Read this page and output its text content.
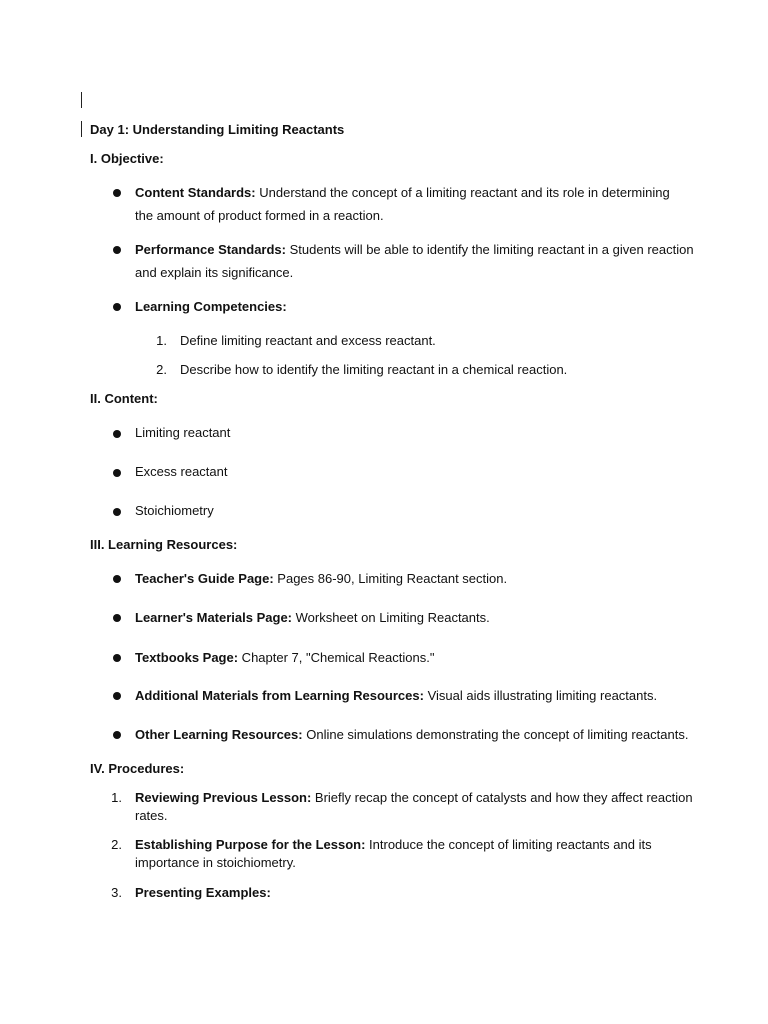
Day 1: Understanding Limiting Reactants
I. Objective:
Content Standards: Understand the concept of a limiting reactant and its role in determining
the amount of product formed in a reaction.
Performance Standards: Students will be able to identify the limiting reactant in a given reaction
and explain its significance.
Learning Competencies:
1. Define limiting reactant and excess reactant.
2. Describe how to identify the limiting reactant in a chemical reaction.
II. Content:
Limiting reactant
Excess reactant
Stoichiometry
III. Learning Resources:
Teacher's Guide Page: Pages 86-90, Limiting Reactant section.
Learner's Materials Page: Worksheet on Limiting Reactants.
Textbooks Page: Chapter 7, "Chemical Reactions."
Additional Materials from Learning Resources: Visual aids illustrating limiting reactants.
Other Learning Resources: Online simulations demonstrating the concept of limiting reactants.
IV. Procedures:
1. Reviewing Previous Lesson: Briefly recap the concept of catalysts and how they affect reaction
rates.
2. Establishing Purpose for the Lesson: Introduce the concept of limiting reactants and its
importance in stoichiometry.
3. Presenting Examples:
